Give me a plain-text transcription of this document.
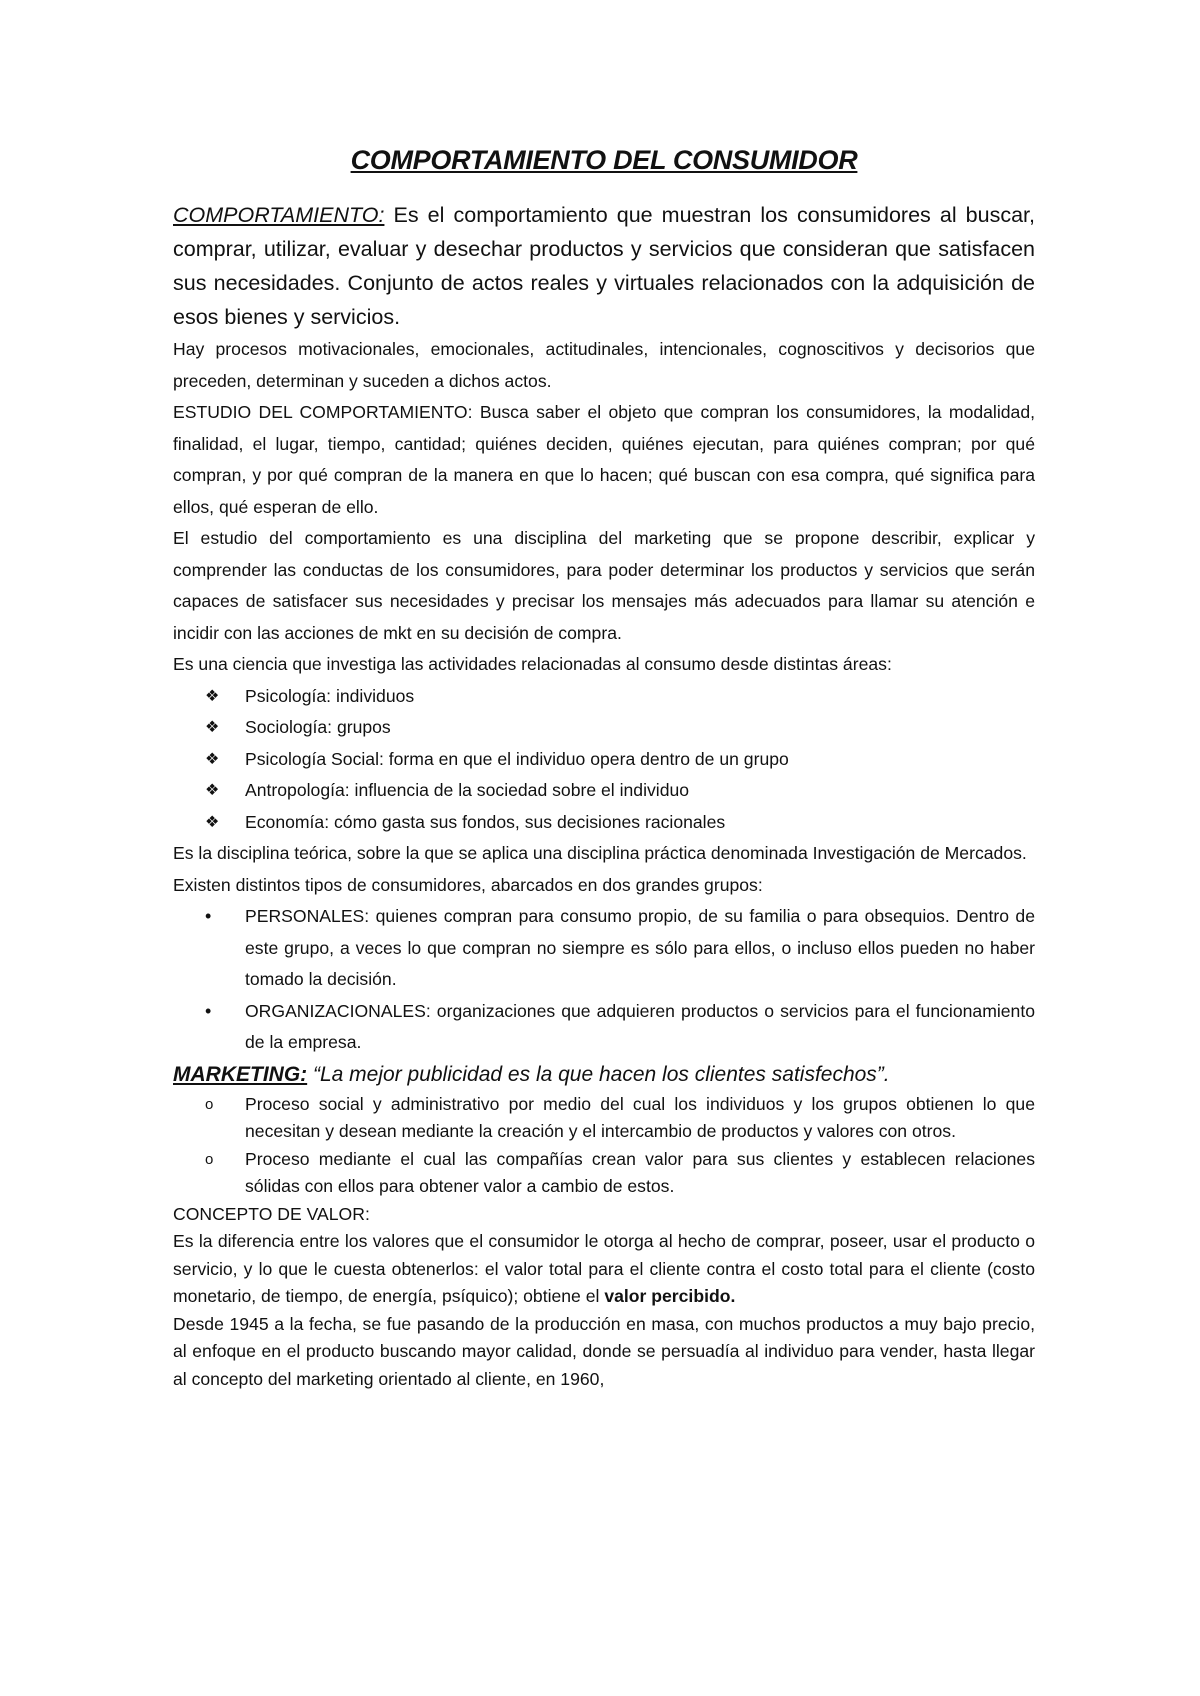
COMPORTAMIENTO DEL CONSUMIDOR

COMPORTAMIENTO: Es el comportamiento que muestran los consumidores al buscar, comprar, utilizar, evaluar y desechar productos y servicios que consideran que satisfacen sus necesidades. Conjunto de actos reales y virtuales relacionados con la adquisición de esos bienes y servicios.

Hay procesos motivacionales, emocionales, actitudinales, intencionales, cognoscitivos y decisorios que preceden, determinan y suceden a dichos actos.

ESTUDIO DEL COMPORTAMIENTO: Busca saber el objeto que compran los consumidores, la modalidad, finalidad, el lugar, tiempo, cantidad; quiénes deciden, quiénes ejecutan, para quiénes compran; por qué compran, y por qué compran de la manera en que lo hacen; qué buscan con esa compra, qué significa para ellos, qué esperan de ello.

El estudio del comportamiento es una disciplina del marketing que se propone describir, explicar y comprender las conductas de los consumidores, para poder determinar los productos y servicios que serán capaces de satisfacer sus necesidades y precisar los mensajes más adecuados para llamar su atención e incidir con las acciones de mkt en su decisión de compra.

Es una ciencia que investiga las actividades relacionadas al consumo desde distintas áreas:

❖	Psicología: individuos
❖	Sociología: grupos
❖	Psicología Social: forma en que el individuo opera dentro de un grupo
❖	Antropología: influencia de la sociedad sobre el individuo
❖	Economía: cómo gasta sus fondos, sus decisiones racionales

Es la disciplina teórica, sobre la que se aplica una disciplina práctica denominada Investigación de Mercados.

Existen distintos tipos de consumidores, abarcados en dos grandes grupos:

•	PERSONALES: quienes compran para consumo propio, de su familia o para obsequios. Dentro de este grupo, a veces lo que compran no siempre es sólo para ellos, o incluso ellos pueden no haber tomado la decisión.
•	ORGANIZACIONALES: organizaciones que adquieren productos o servicios para el funcionamiento de la empresa.

MARKETING: “La mejor publicidad es la que hacen los clientes satisfechos”.

o	Proceso social y administrativo por medio del cual los individuos y los grupos obtienen lo que necesitan y desean mediante la creación y el intercambio de productos y valores con otros.
o	Proceso mediante el cual las compañías crean valor para sus clientes y establecen relaciones sólidas con ellos para obtener valor a cambio de estos.

CONCEPTO DE VALOR:

Es la diferencia entre los valores que el consumidor le otorga al hecho de comprar, poseer, usar el producto o servicio, y lo que le cuesta obtenerlos: el valor total para el cliente contra el costo total para el cliente (costo monetario, de tiempo, de energía, psíquico); obtiene el valor percibido.

Desde 1945 a la fecha, se fue pasando de la producción en masa, con muchos productos a muy bajo precio, al enfoque en el producto buscando mayor calidad, donde se persuadía al individuo para vender, hasta llegar al concepto del marketing orientado al cliente, en 1960,
